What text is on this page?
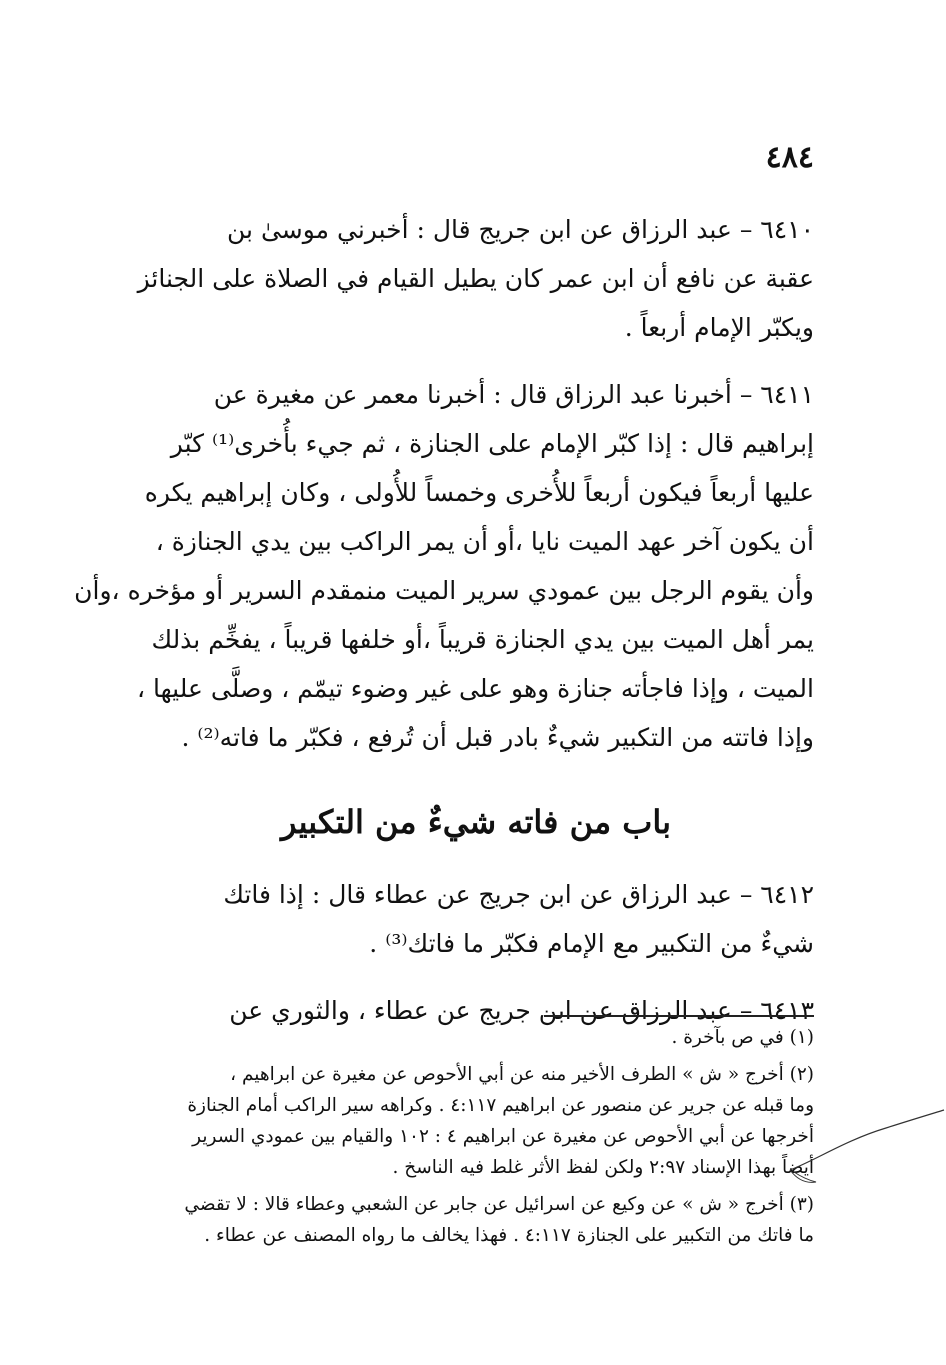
٤٨٤

٦٤١٠ – عبد الرزاق عن ابن جريج قال : أخبرني موسىٰ بن
عقبة عن نافع أن ابن عمر كان يطيل القيام في الصلاة على الجنائز
ويكبّر الإمام أربعاً .

٦٤١١ – أخبرنا عبد الرزاق قال : أخبرنا معمر عن مغيرة عن
إبراهيم قال : إذا كبّر الإمام على الجنازة ، ثم جيء بأُخرى⁽¹⁾ كبّر
عليها أربعاً فيكون أربعاً للأُخرى وخمساً للأُولى ، وكان إبراهيم يكره
أن يكون آخر عهد الميت نايا ،أو أن يمر الراكب بين يدي الجنازة ،
وأن يقوم الرجل بين عمودي سرير الميت منمقدم السرير أو مؤخره ،وأن
يمر أهل الميت بين يدي الجنازة قريباً ،أو خلفها قريباً ، يفخِّم بذلك
الميت ، وإذا فاجأته جنازة وهو على غير وضوء تيمّم ، وصلَّى عليها ،
وإذا فاتته من التكبير شيءٌ بادر قبل أن تُرفع ، فكبّر ما فاته⁽²⁾ .

باب من فاته شيءٌ من التكبير

٦٤١٢ – عبد الرزاق عن ابن جريج عن عطاء قال : إذا فاتك
شيءٌ من التكبير مع الإمام فكبّر ما فاتك⁽³⁾ .

٦٤١٣ – عبد الرزاق عن ابن جريج عن عطاء ، والثوري عن

(١) في ص بآخرة .

(٢) أخرج « ش » الطرف الأخير منه عن أبي الأحوص عن مغيرة عن ابراهيم ،
وما قبله عن جرير عن منصور عن ابراهيم ٤:١١٧ . وكراهه سير الراكب أمام الجنازة
أخرجها عن أبي الأحوص عن مغيرة عن ابراهيم ٤ : ١٠٢ والقيام بين عمودي السرير
أيضاً بهذا الإسناد ٢:٩٧ ولكن لفظ الأثر غلط فيه الناسخ .

(٣) أخرج « ش » عن وكيع عن اسرائيل عن جابر عن الشعبي وعطاء قالا : لا تقضي
ما فاتك من التكبير على الجنازة ٤:١١٧ . فهذا يخالف ما رواه المصنف عن عطاء .
